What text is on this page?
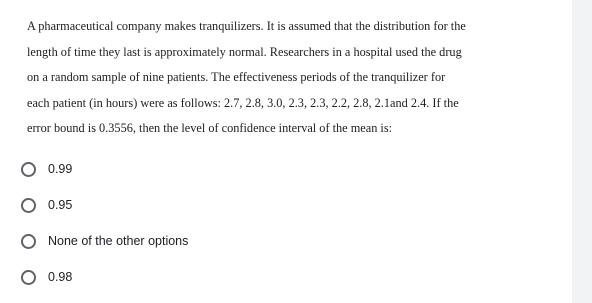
A pharmaceutical company makes tranquilizers. It is assumed that the distribution for the
length of time they last is approximately normal. Researchers in a hospital used the drug
on a random sample of nine patients. The effectiveness periods of the tranquilizer for
each patient (in hours) were as follows: 2.7, 2.8, 3.0, 2.3, 2.3, 2.2, 2.8, 2.1and 2.4. If the
error bound is 0.3556, then the level of confidence interval of the mean is:
0.99
0.95
None of the other options
0.98
